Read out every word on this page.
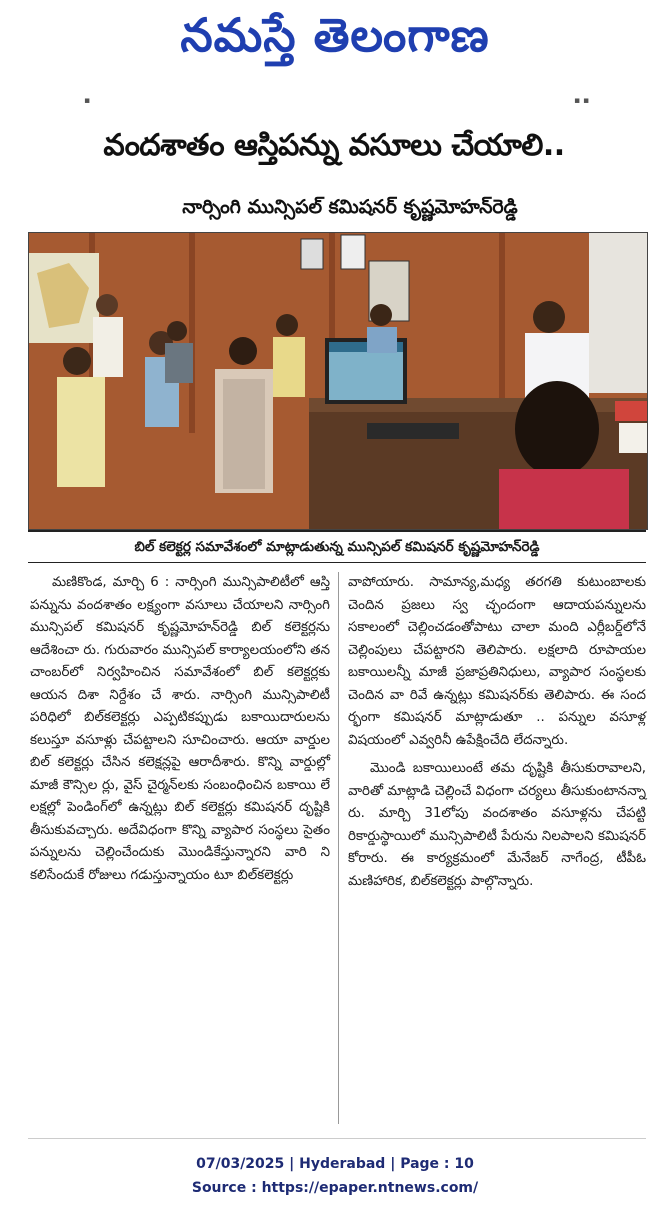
నమస్తే తెలంగాణ
▪	▪ ▪
వందశాతం ఆస్తిపన్ను వసూలు చేయాలి..
నార్సింగి మున్సిపల్ కమిషనర్ కృష్ణమోహన్‌రెడ్డి
బిల్ కలెక్టర్ల సమావేశంలో మాట్లాడుతున్న మున్సిపల్ కమిషనర్ కృష్ణమోహన్‌రెడ్డి

మణికొండ, మార్చి 6 : నార్సింగి మున్సిపాలిటీలో ఆస్తి పన్నును వందశాతం లక్ష్యంగా వసూలు చేయాలని నార్సింగి మున్సిపల్ కమిషనర్ కృష్ణమోహన్‌రెడ్డి బిల్ కలెక్టర్లను ఆదేశించా రు. గురువారం మున్సిపల్ కార్యాలయంలోని తన చాంబర్‌లో నిర్వహించిన సమావేశంలో బిల్ కలెక్టర్లకు ఆయన దిశా నిర్దేశం చే శారు. నార్సింగి మున్సిపాలిటీ పరిధిలో బిల్‌కలెక్టర్లు ఎప్పటికప్పుడు బకాయిదారులను కలుస్తూ వసూళ్లు చేపట్టాలని సూచించారు. ఆయా వార్డుల బిల్ కలెక్టర్లు చేసిన కలెక్షన్లపై ఆరాదీశారు. కొన్ని వార్డుల్లో మాజీ కౌన్సిల ర్లు, వైస్ చైర్మన్‌లకు సంబంధించిన బకాయి లే లక్షల్లో పెండింగ్‌లో ఉన్నట్లు బిల్ కలెక్టర్లు కమిషనర్ దృష్టికి తీసుకువచ్చారు. అదేవిధంగా కొన్ని వ్యాపార సంస్థలు సైతం పన్నులను చెల్లించేందుకు మొండికేస్తున్నారని వారి ని కలిసేందుకే రోజులు గడుస్తున్నాయం టూ బిల్‌కలెక్టర్లు

వాపోయారు. సామాన్య,మధ్య తరగతి కుటుంబాలకు చెందిన ప్రజలు స్వ చ్ఛందంగా ఆదాయపన్నులను సకాలంలో చెల్లించడంతోపాటు చాలా మంది ఎర్లీబర్డ్‌లోనే చెల్లింపులు చేపట్టారని తెలిపారు. లక్షలాది రూపాయల బకాయిలన్నీ మాజీ ప్రజాప్రతినిధులు, వ్యాపార సంస్థలకు చెందిన వా రివే ఉన్నట్లు కమిషనర్‌కు తెలిపారు. ఈ సంద ర్భంగా కమిషనర్ మాట్లాడుతూ .. పన్నుల వసూళ్ల విషయంలో ఎవ్వరినీ ఉపేక్షించేది లేదన్నారు.

మొండి బకాయిలుంటే తమ దృష్టికి తీసుకురావాలని, వారితో మాట్లాడి చెల్లించే విధంగా చర్యలు తీసుకుంటానన్నా రు. మార్చి 31లోపు వందశాతం వసూళ్లను చేపట్టి రికార్డుస్థాయిలో మున్సిపాలిటీ పేరును నిలపాలని కమిషనర్ కోరారు. ఈ కార్యక్రమంలో మేనేజర్ నాగేంద్ర, టీపీఓ మణిహారిక, బిల్‌కలెక్టర్లు పాల్గొన్నారు.

07/03/2025 | Hyderabad | Page : 10
Source : https://epaper.ntnews.com/
